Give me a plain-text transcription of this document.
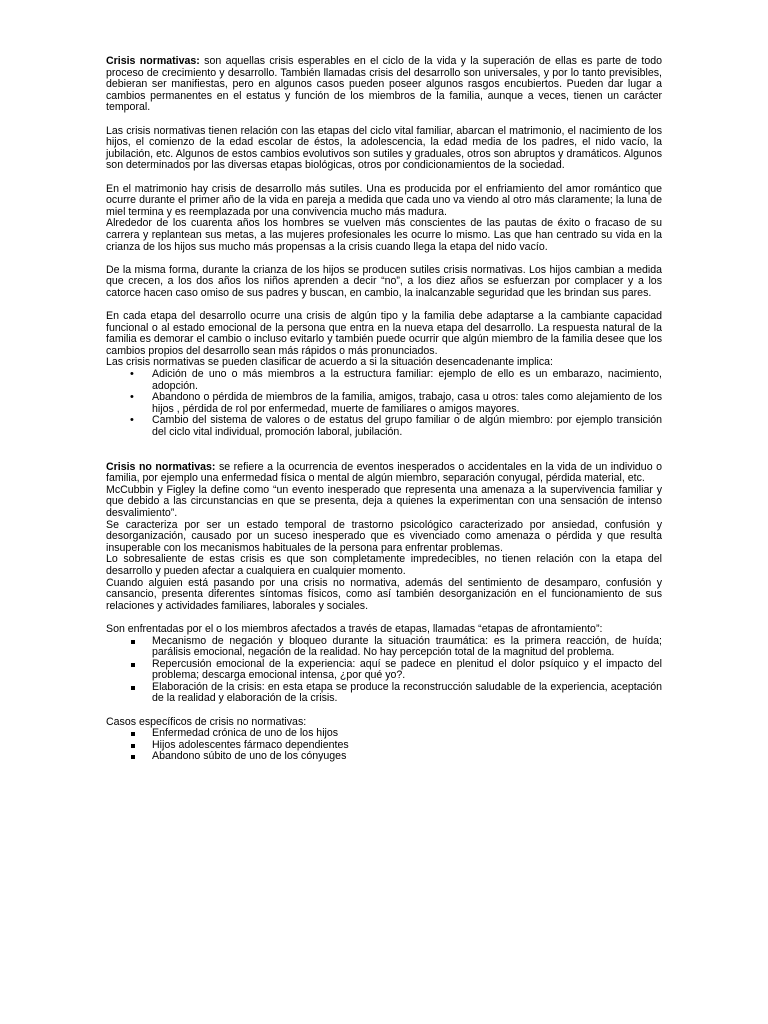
Crisis normativas: son aquellas crisis esperables en el ciclo de la vida y la superación de ellas es parte de todo proceso de crecimiento y desarrollo. También llamadas crisis del desarrollo son universales, y por lo tanto previsibles, debieran ser manifiestas, pero en algunos casos pueden poseer algunos rasgos encubiertos. Pueden dar lugar a cambios permanentes en el estatus y función de los miembros de la familia, aunque a veces, tienen un carácter temporal.

Las crisis normativas tienen relación con las etapas del ciclo vital familiar, abarcan el matrimonio, el nacimiento de los hijos, el comienzo de la edad escolar de éstos, la adolescencia, la edad media de los padres, el nido vacío, la jubilación, etc. Algunos de estos cambios evolutivos son sutiles y graduales, otros son abruptos y dramáticos. Algunos son determinados por las diversas etapas biológicas, otros por condicionamientos de la sociedad.

En el matrimonio hay crisis de desarrollo más sutiles. Una es producida por el enfriamiento del amor romántico que ocurre durante el primer año de la vida en pareja a medida que cada uno va viendo al otro más claramente; la luna de miel termina y es reemplazada por una convivencia mucho más madura.

Alrededor de los cuarenta años los hombres se vuelven más conscientes de las pautas de éxito o fracaso de su carrera y replantean sus metas, a las mujeres profesionales les ocurre lo mismo. Las que han centrado su vida en la crianza de los hijos sus mucho más propensas a la crisis cuando llega la etapa del nido vacío.

De la misma forma, durante la crianza de los hijos se producen sutiles crisis normativas. Los hijos cambian a medida que crecen, a los dos años los niños aprenden a decir “no”, a los diez años se esfuerzan por complacer y a los catorce hacen caso omiso de sus padres y buscan, en cambio, la inalcanzable seguridad que les brindan sus pares.

En cada etapa del desarrollo ocurre una crisis de algún tipo y la familia debe adaptarse a la cambiante capacidad funcional o al estado emocional de la persona que entra en la nueva etapa del desarrollo. La respuesta natural de la familia es demorar el cambio o incluso evitarlo y también puede ocurrir que algún miembro de la familia desee que los cambios propios del desarrollo sean más rápidos o más pronunciados.

Las crisis normativas se pueden clasificar de acuerdo a si la situación desencadenante implica:

• Adición de uno o más miembros a la estructura familiar: ejemplo de ello es un embarazo, nacimiento, adopción.
• Abandono o pérdida de miembros de la familia, amigos, trabajo, casa u otros: tales como alejamiento de los hijos , pérdida de rol por enfermedad, muerte de familiares o amigos mayores.
• Cambio del sistema de valores o de estatus del grupo familiar o de algún miembro: por ejemplo transición del ciclo vital individual, promoción laboral, jubilación.

Crisis no normativas: se refiere a la ocurrencia de eventos inesperados o accidentales en la vida de un individuo o familia, por ejemplo una enfermedad física o mental de algún miembro, separación conyugal, pérdida material, etc.

McCubbin y Figley la define como “un evento inesperado que representa una amenaza a la supervivencia familiar y que debido a las circunstancias en que se presenta, deja a quienes la experimentan con una sensación de intenso desvalimiento”.

Se caracteriza por ser un estado temporal de trastorno psicológico caracterizado por ansiedad, confusión y desorganización, causado por un suceso inesperado que es vivenciado como amenaza o pérdida y que resulta insuperable con los mecanismos habituales de la persona para enfrentar problemas.

Lo sobresaliente de estas crisis es que son completamente impredecibles, no tienen relación con la etapa del desarrollo y pueden afectar a cualquiera en cualquier momento.

Cuando alguien está pasando por una crisis no normativa, además del sentimiento de desamparo, confusión y cansancio, presenta diferentes síntomas físicos, como así también desorganización en el funcionamiento de sus relaciones y actividades familiares, laborales y sociales.

Son enfrentadas por el o los miembros afectados a través de etapas, llamadas “etapas de afrontamiento”:

Mecanismo de negación y bloqueo durante la situación traumática: es la primera reacción, de huída; parálisis emocional, negación de la realidad. No hay percepción total de la magnitud del problema.
Repercusión emocional de la experiencia: aquí se padece en plenitud el dolor psíquico y el impacto del problema; descarga emocional intensa, ¿por qué yo?.
Elaboración de la crisis: en esta etapa se produce la reconstrucción saludable de la experiencia, aceptación de la realidad y elaboración de la crisis.

Casos específicos de crisis no normativas:

Enfermedad crónica de uno de los hijos
Hijos adolescentes fármaco dependientes
Abandono súbito de uno de los cónyuges
